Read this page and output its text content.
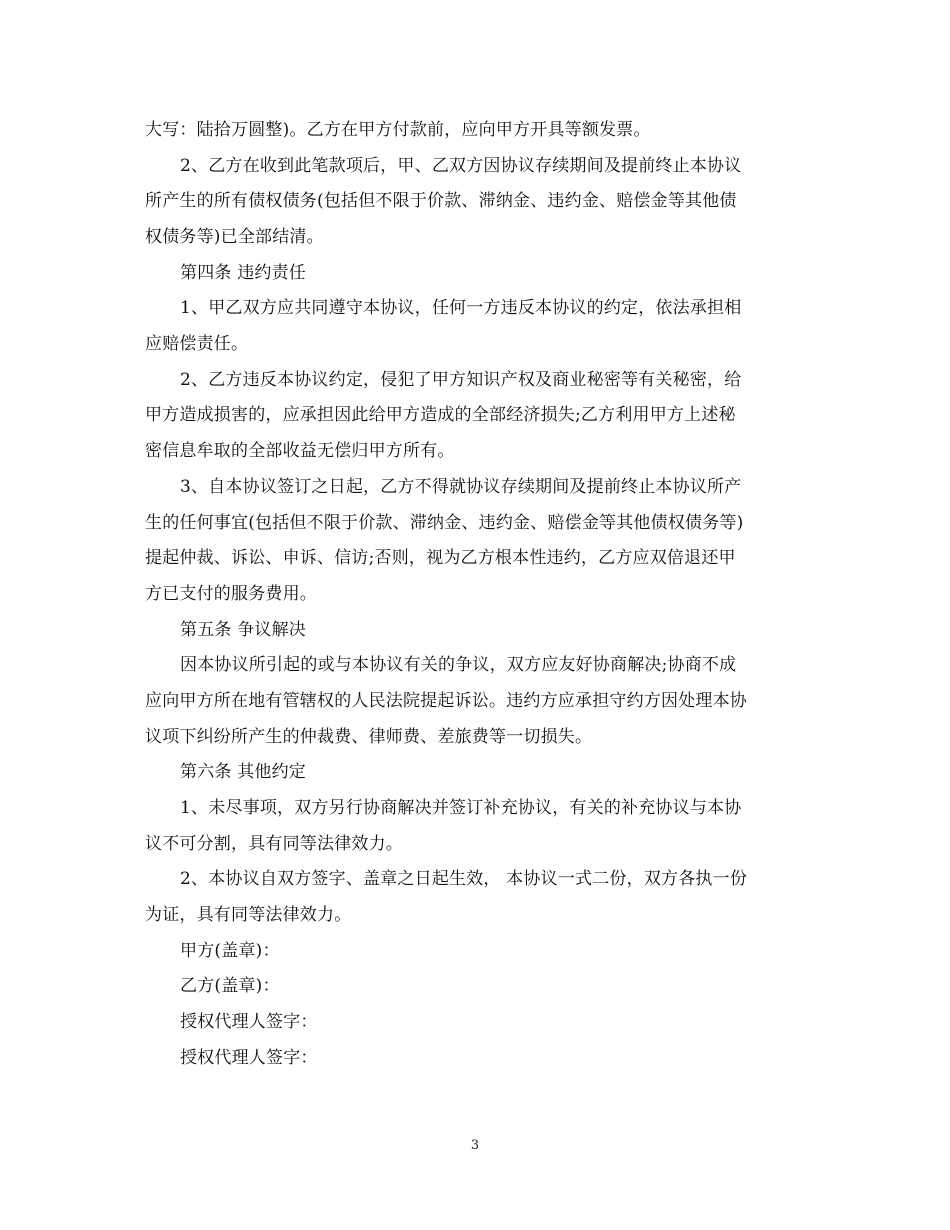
大写：陆拾万圆整)。乙方在甲方付款前，应向甲方开具等额发票。
2、乙方在收到此笔款项后，甲、乙双方因协议存续期间及提前终止本协议
所产生的所有债权债务(包括但不限于价款、滞纳金、违约金、赔偿金等其他债
权债务等)已全部结清。
第四条 违约责任
1、甲乙双方应共同遵守本协议，任何一方违反本协议的约定，依法承担相
应赔偿责任。
2、乙方违反本协议约定，侵犯了甲方知识产权及商业秘密等有关秘密，给
甲方造成损害的，应承担因此给甲方造成的全部经济损失;乙方利用甲方上述秘
密信息牟取的全部收益无偿归甲方所有。
3、自本协议签订之日起，乙方不得就协议存续期间及提前终止本协议所产
生的任何事宜(包括但不限于价款、滞纳金、违约金、赔偿金等其他债权债务等)
提起仲裁、诉讼、申诉、信访;否则，视为乙方根本性违约，乙方应双倍退还甲
方已支付的服务费用。
第五条 争议解决
因本协议所引起的或与本协议有关的争议，双方应友好协商解决;协商不成
应向甲方所在地有管辖权的人民法院提起诉讼。违约方应承担守约方因处理本协
议项下纠纷所产生的仲裁费、律师费、差旅费等一切损失。
第六条 其他约定
1、未尽事项，双方另行协商解决并签订补充协议，有关的补充协议与本协
议不可分割，具有同等法律效力。
2、本协议自双方签字、盖章之日起生效， 本协议一式二份，双方各执一份
为证，具有同等法律效力。
甲方(盖章)：
乙方(盖章)：
授权代理人签字：
授权代理人签字：
3
